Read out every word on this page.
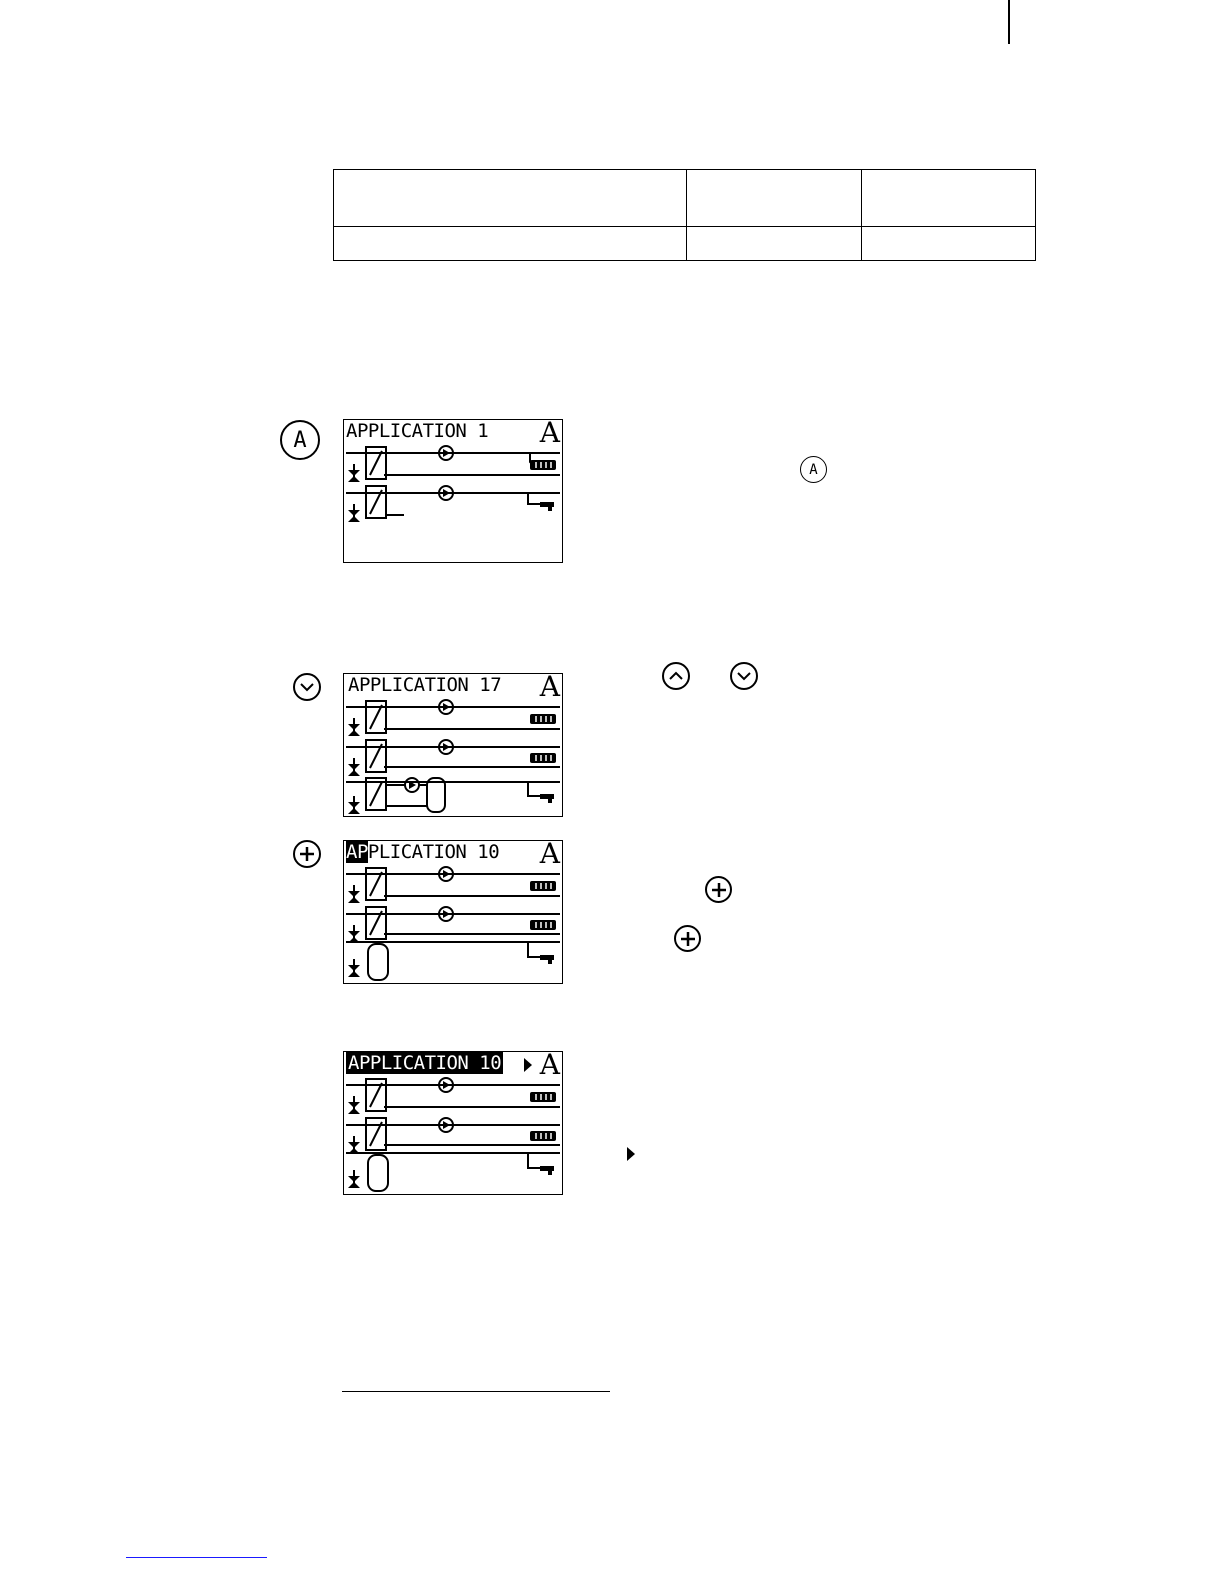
A APPLICATION 1 A
A
APPLICATION 17 A
APPLICATION 10 A
APPLICATION 10 A
